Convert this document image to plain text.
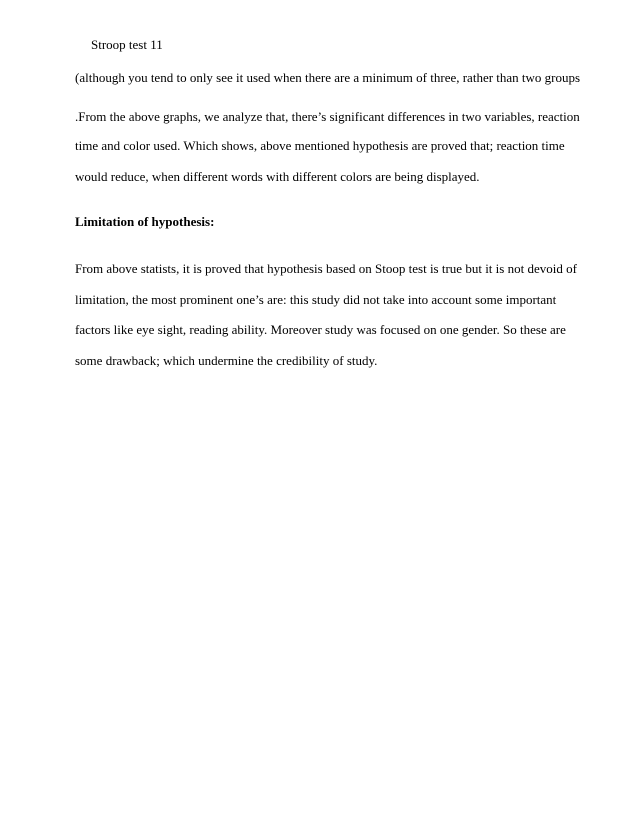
Stroop test 11
(although you tend to only see it used when there are a minimum of three, rather than two groups
.From the above graphs, we analyze that, there’s significant differences in two variables, reaction
time and color used. Which shows, above mentioned hypothesis are proved that; reaction time
would reduce, when different words with different colors are being displayed.
Limitation of hypothesis:
From above statists, it is proved that hypothesis based on Stoop test is true but it is not devoid of
limitation, the most prominent one’s are: this study did not take into account some important
factors like eye sight, reading ability. Moreover study was focused on one gender. So these are
some drawback; which undermine the credibility of study.
